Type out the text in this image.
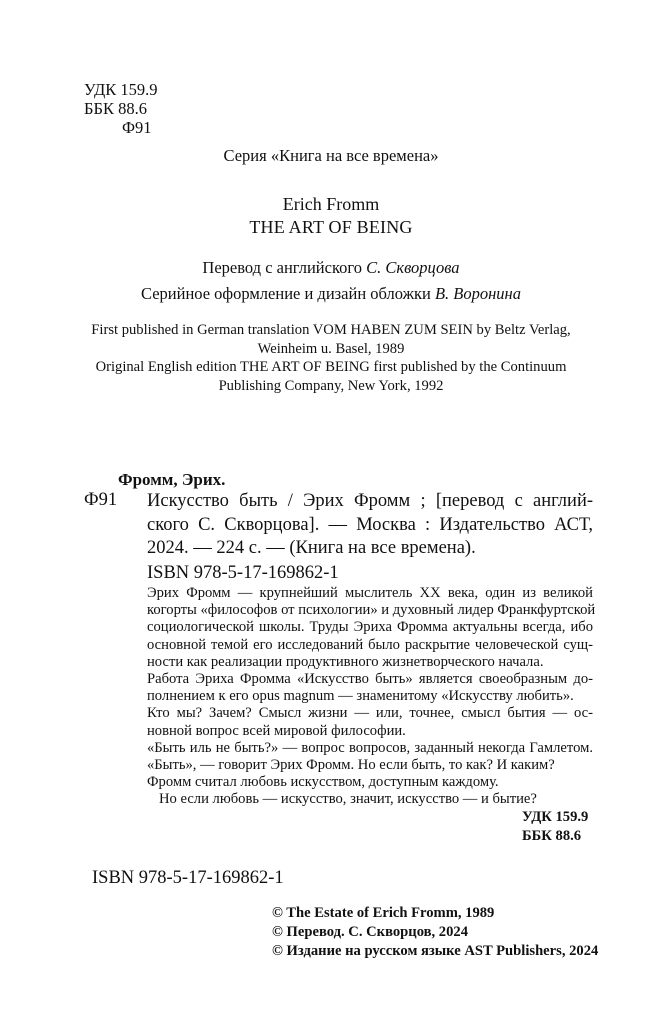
УДК 159.9
ББК 88.6
Ф91
Серия «Книга на все времена»
Erich Fromm
THE ART OF BEING
Перевод с английского С. Скворцова
Серийное оформление и дизайн обложки В. Воронина
First published in German translation VOM HABEN ZUM SEIN by Beltz Verlag,
Weinheim u. Basel, 1989
Original English edition THE ART OF BEING first published by the Continuum
Publishing Company, New York, 1992
Фромм, Эрих.
Ф91 Искусство быть / Эрих Фромм ; [перевод с англий-
ского С. Скворцова]. — Москва : Издательство АСТ,
2024. — 224 с. — (Книга на все времена).
ISBN 978-5-17-169862-1
Эрих Фромм — крупнейший мыслитель XX века, один из великой
когорты «философов от психологии» и духовный лидер Франкфуртской
социологической школы. Труды Эриха Фромма актуальны всегда, ибо
основной темой его исследований было раскрытие человеческой сущ-
ности как реализации продуктивного жизнетворческого начала.
Работа Эриха Фромма «Искусство быть» является своеобразным до-
полнением к его opus magnum — знаменитому «Искусству любить».
Кто мы? Зачем? Смысл жизни — или, точнее, смысл бытия — ос-
новной вопрос всей мировой философии.
«Быть иль не быть?» — вопрос вопросов, заданный некогда Гамлетом.
«Быть», — говорит Эрих Фромм. Но если быть, то как? И каким?
Фромм считал любовь искусством, доступным каждому.
Но если любовь — искусство, значит, искусство — и бытие?
УДК 159.9
ББК 88.6
ISBN 978-5-17-169862-1
© The Estate of Erich Fromm, 1989
© Перевод. С. Скворцов, 2024
© Издание на русском языке AST Publishers, 2024
